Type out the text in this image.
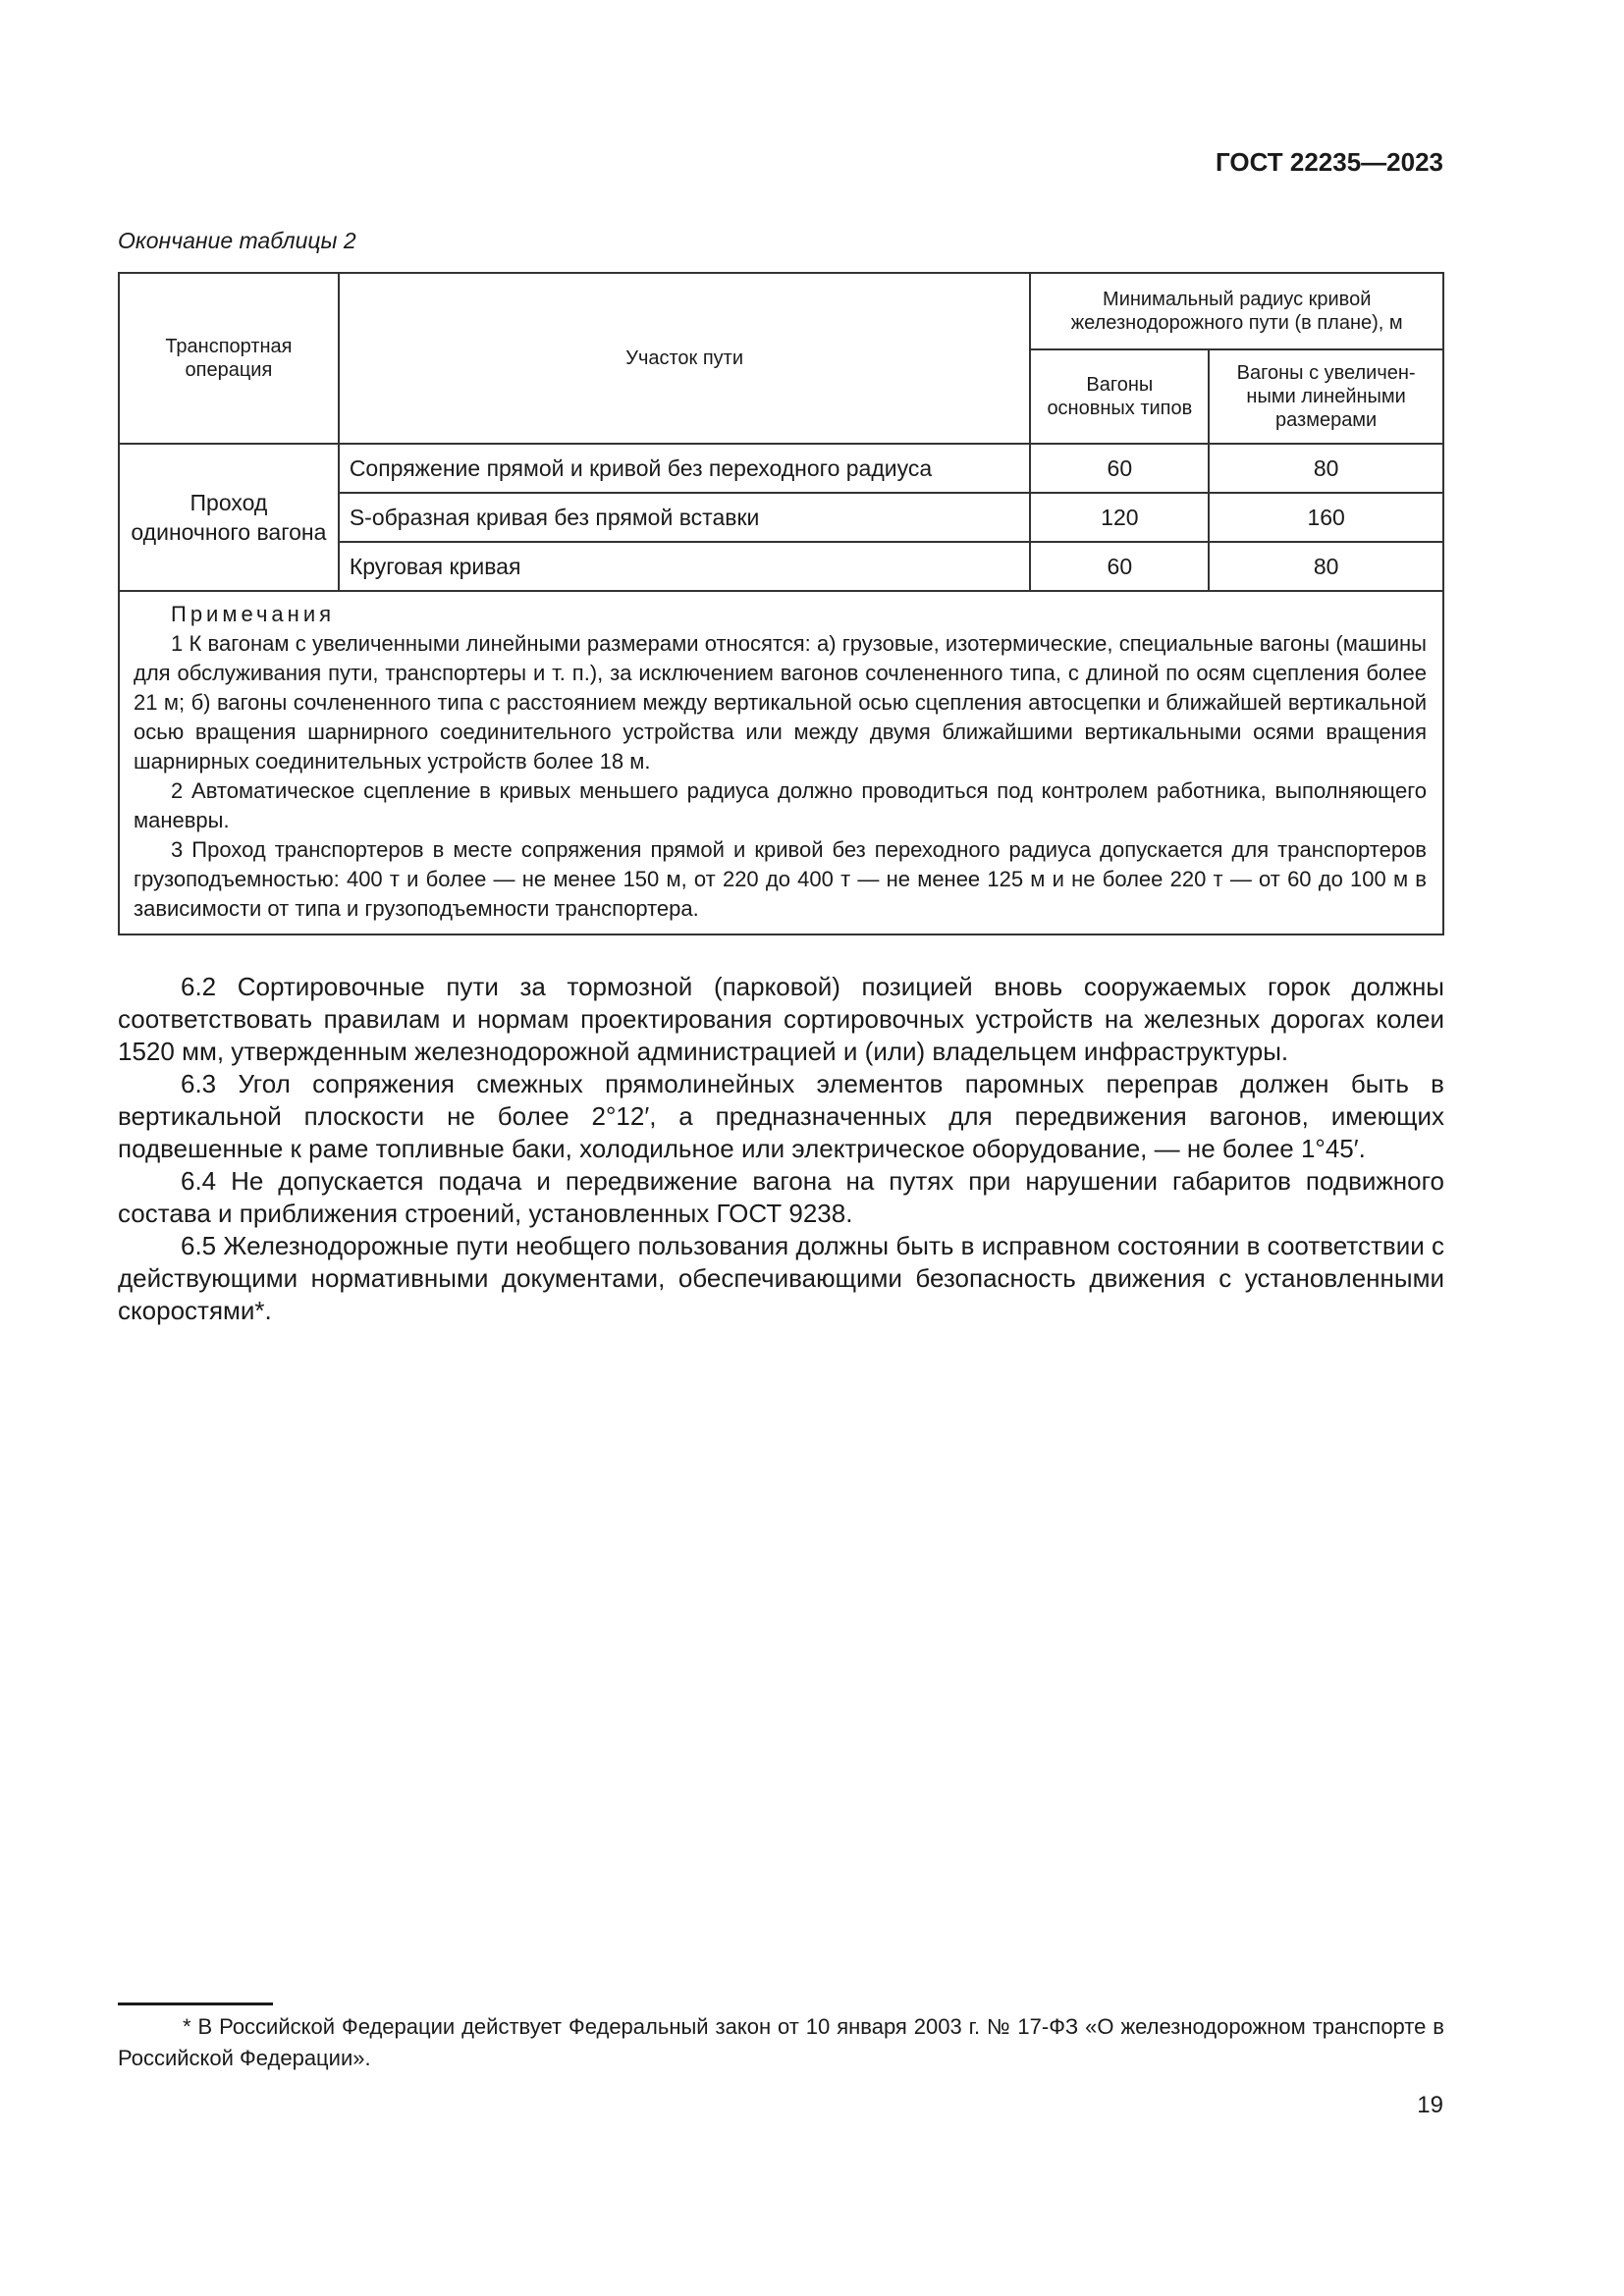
ГОСТ 22235—2023
Окончание таблицы 2
Транспортная операция	Участок пути	Минимальный радиус кривой железнодорожного пути (в плане), м	
		Вагоны основных типов	Вагоны с увеличен-ными линейными размерами
Проход одиночного вагона	Сопряжение прямой и кривой без переходного радиуса	60	80
	S-образная кривая без прямой вставки	120	160
	Круговая кривая	60	80

Примечания

1 К вагонам с увеличенными линейными размерами относятся: а) грузовые, изотермические, специальные вагоны (машины для обслуживания пути, транспортеры и т. п.), за исключением вагонов сочлененного типа, с длиной по осям сцепления более 21 м; б) вагоны сочлененного типа с расстоянием между вертикальной осью сцепления автосцепки и ближайшей вертикальной осью вращения шарнирного соединительного устройства или между двумя ближайшими вертикальными осями вращения шарнирных соединительных устройств более 18 м.

2 Автоматическое сцепление в кривых меньшего радиуса должно проводиться под контролем работника, выполняющего маневры.

3 Проход транспортеров в месте сопряжения прямой и кривой без переходного радиуса допускается для транспортеров грузоподъемностью: 400 т и более — не менее 150 м, от 220 до 400 т — не менее 125 м и не более 220 т — от 60 до 100 м в зависимости от типа и грузоподъемности транспортера.			

6.2 Сортировочные пути за тормозной (парковой) позицией вновь сооружаемых горок должны соответствовать правилам и нормам проектирования сортировочных устройств на железных дорогах колеи 1520 мм, утвержденным железнодорожной администрацией и (или) владельцем инфраструктуры.

6.3 Угол сопряжения смежных прямолинейных элементов паромных переправ должен быть в вертикальной плоскости не более 2°12′, а предназначенных для передвижения вагонов, имеющих подвешенные к раме топливные баки, холодильное или электрическое оборудование, — не более 1°45′.

6.4 Не допускается подача и передвижение вагона на путях при нарушении габаритов подвижного состава и приближения строений, установленных ГОСТ 9238.

6.5 Железнодорожные пути необщего пользования должны быть в исправном состоянии в соответствии с действующими нормативными документами, обеспечивающими безопасность движения с установленными скоростями*.

* В Российской Федерации действует Федеральный закон от 10 января 2003 г. № 17-ФЗ «О железнодорожном транспорте в Российской Федерации».

19
